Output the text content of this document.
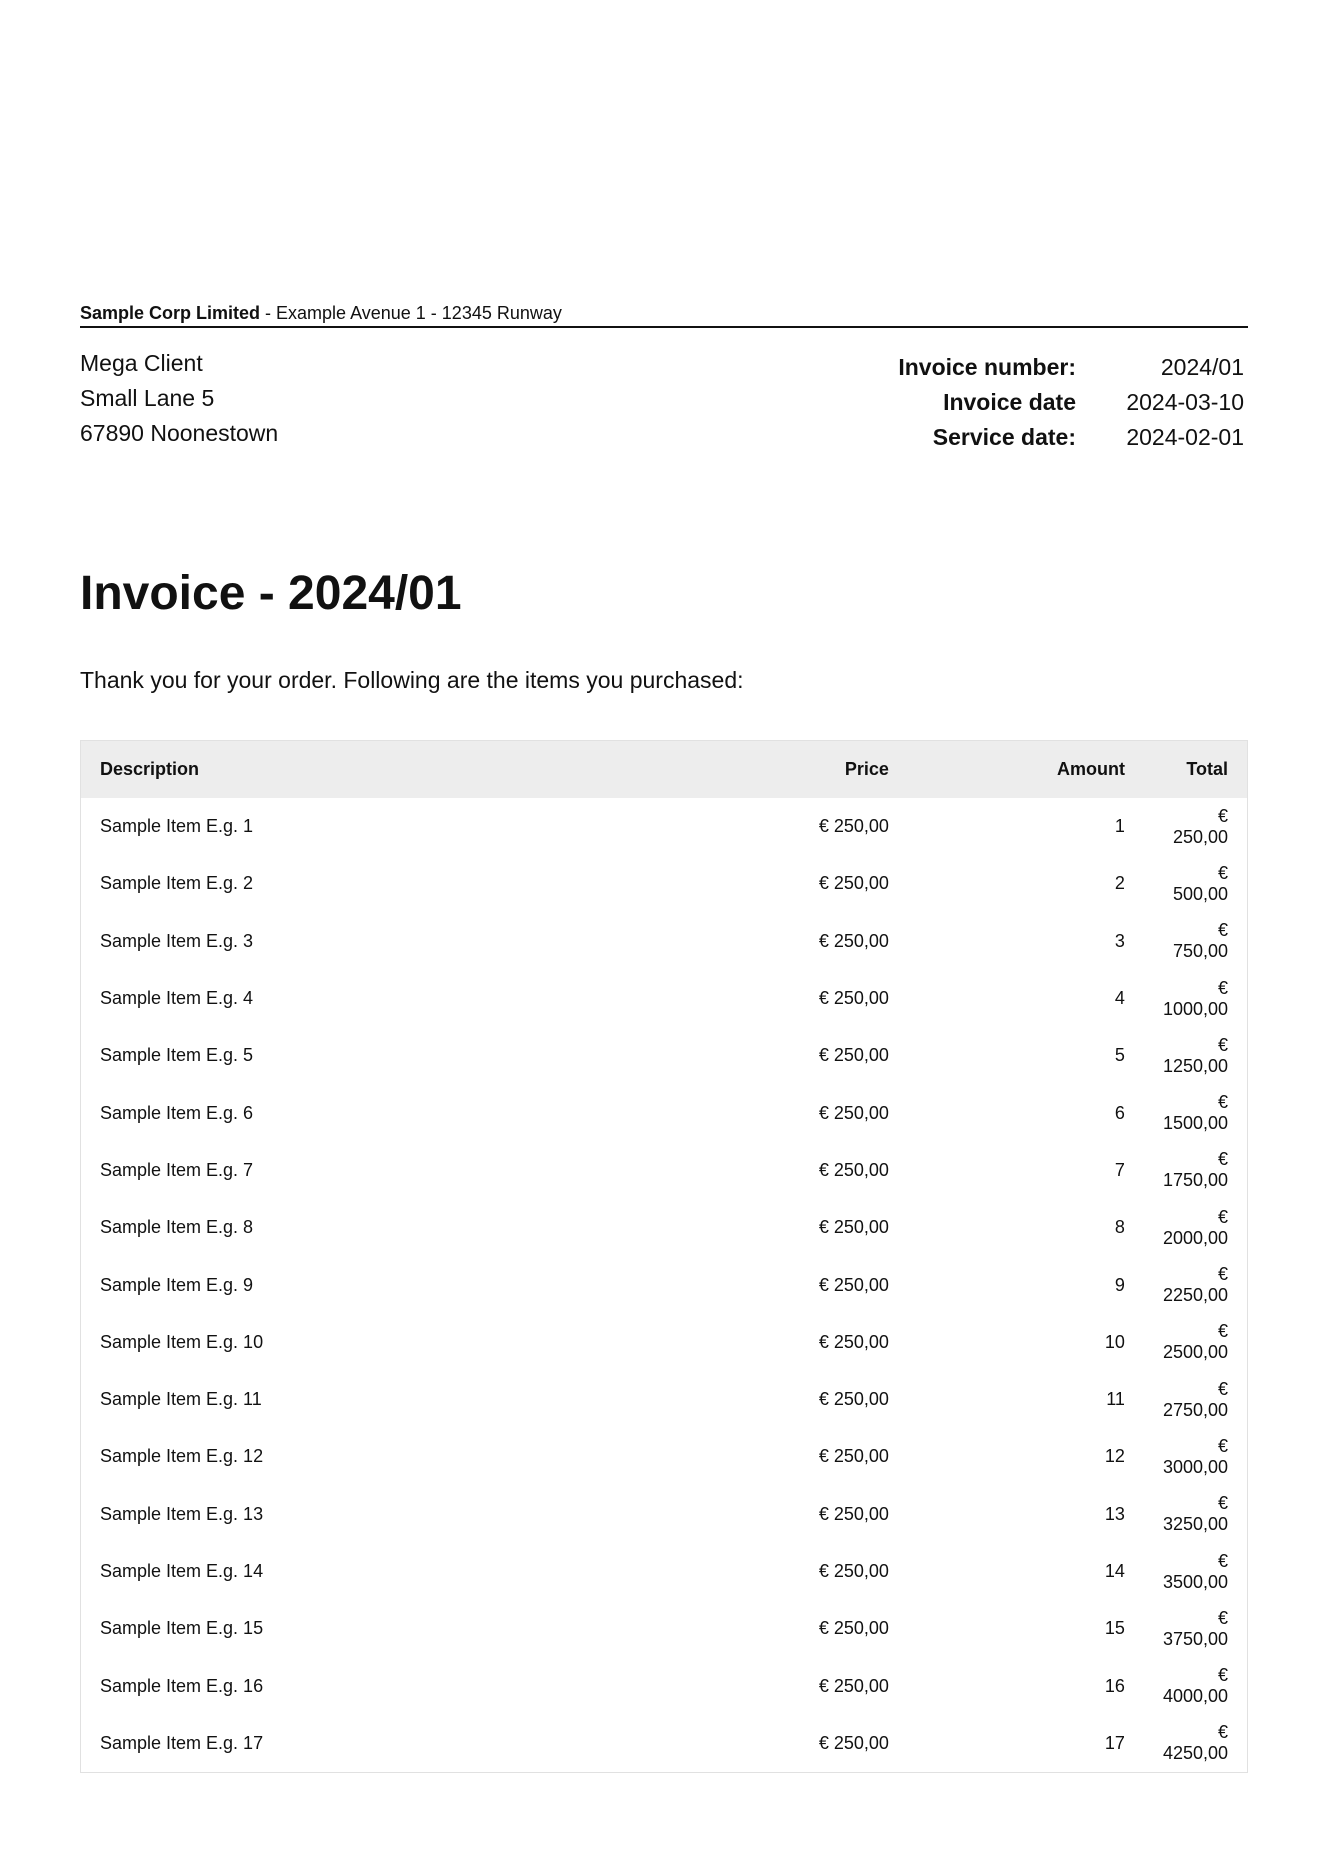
Sample Corp Limited - Example Avenue 1 - 12345 Runway
Mega Client
Small Lane 5
67890 Noonestown
Invoice number:	2024/01
Invoice date	2024-03-10
Service date:	2024-02-01
Invoice - 2024/01
Thank you for your order. Following are the items you purchased:
Description	Price	Amount	Total
Sample Item E.g. 1	€ 250,00	1	€ 250,00
Sample Item E.g. 2	€ 250,00	2	€ 500,00
Sample Item E.g. 3	€ 250,00	3	€ 750,00
Sample Item E.g. 4	€ 250,00	4	€ 1000,00
Sample Item E.g. 5	€ 250,00	5	€ 1250,00
Sample Item E.g. 6	€ 250,00	6	€ 1500,00
Sample Item E.g. 7	€ 250,00	7	€ 1750,00
Sample Item E.g. 8	€ 250,00	8	€ 2000,00
Sample Item E.g. 9	€ 250,00	9	€ 2250,00
Sample Item E.g. 10	€ 250,00	10	€ 2500,00
Sample Item E.g. 11	€ 250,00	11	€ 2750,00
Sample Item E.g. 12	€ 250,00	12	€ 3000,00
Sample Item E.g. 13	€ 250,00	13	€ 3250,00
Sample Item E.g. 14	€ 250,00	14	€ 3500,00
Sample Item E.g. 15	€ 250,00	15	€ 3750,00
Sample Item E.g. 16	€ 250,00	16	€ 4000,00
Sample Item E.g. 17	€ 250,00	17	€ 4250,00
